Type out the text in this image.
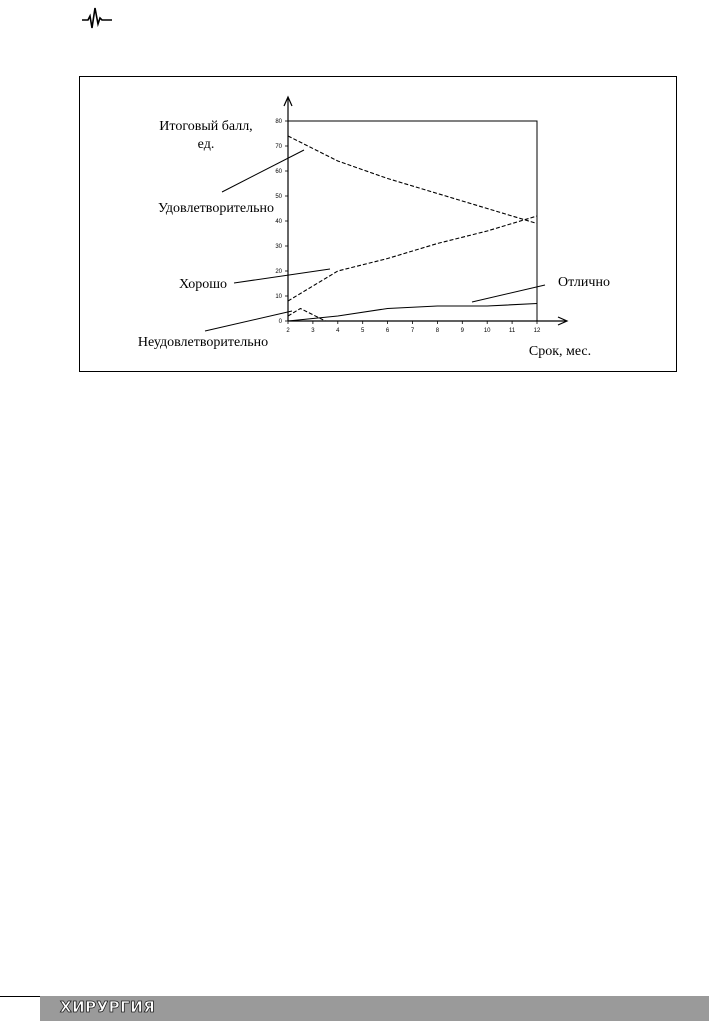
Итоговый балл,
ед.
Срок, мес.
Удовлетворительно
Хорошо	Отлично
Неудовлетворительно
0
10
20
30
40
50
60
70
80
2	3	4	5	6	7	8	9	10	11	12
ХИРУРГИЯ
